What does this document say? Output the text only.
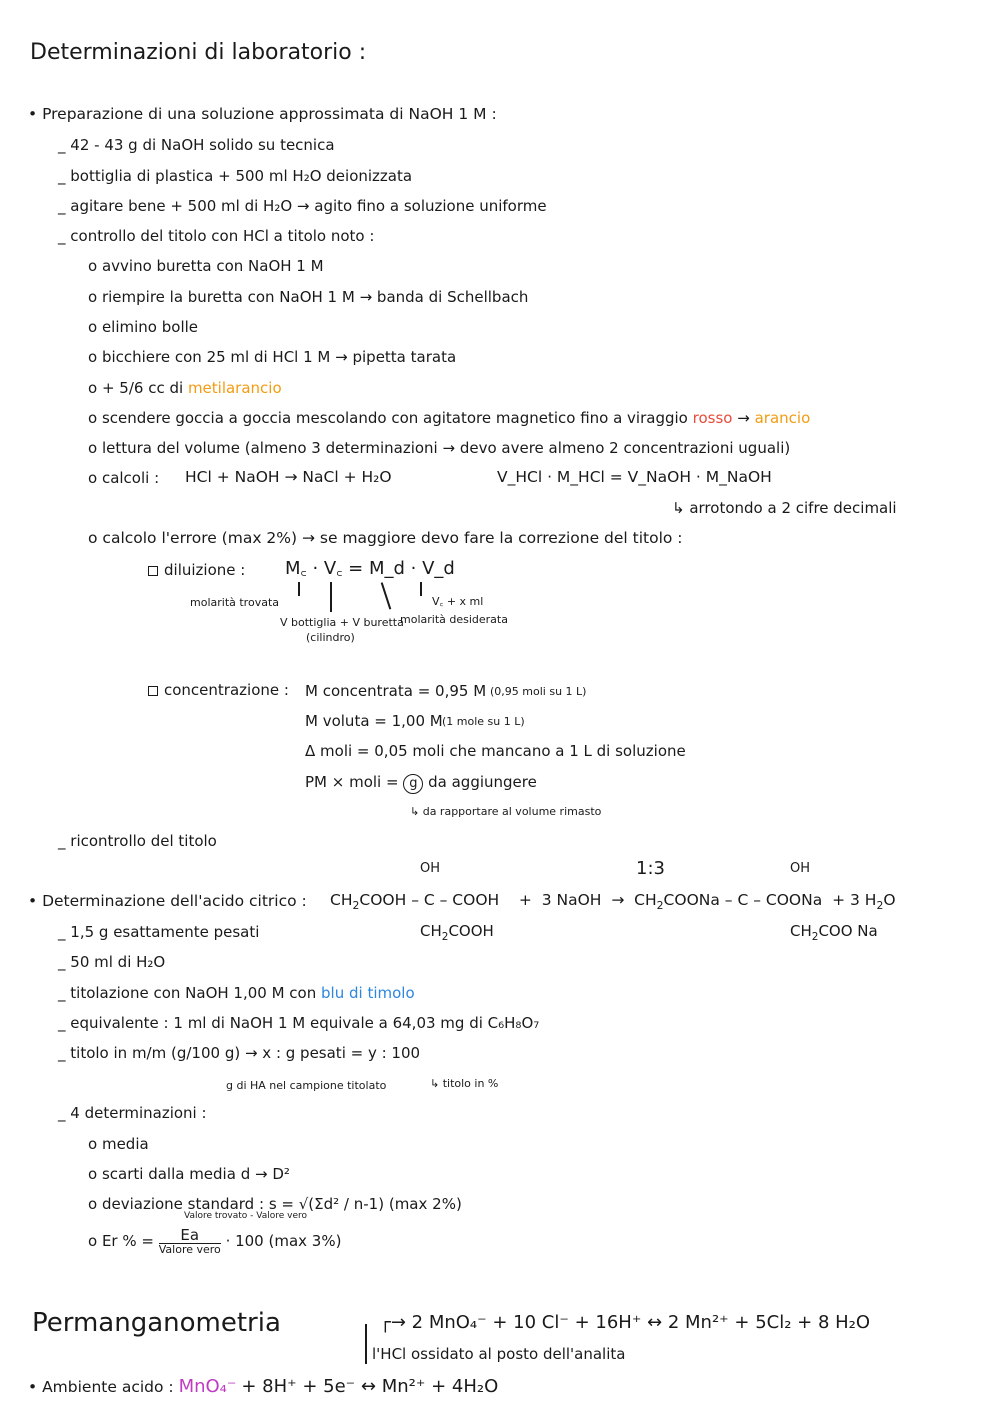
Determinazioni di laboratorio :
• Preparazione di una soluzione approssimata di NaOH 1 M :
_ 42 - 43 g di NaOH solido su tecnica
_ bottiglia di plastica + 500 ml H₂O deionizzata
_ agitare bene + 500 ml di H₂O → agito fino a soluzione uniforme
_ controllo del titolo con HCl a titolo noto :
o avvino buretta con NaOH 1 M
o riempire la buretta con NaOH 1 M → banda di Schellbach
o elimino bolle
o bicchiere con 25 ml di HCl 1 M → pipetta tarata
o + 5/6 cc di metilarancio
o scendere goccia a goccia mescolando con agitatore magnetico fino a viraggio rosso → arancio
o lettura del volume (almeno 3 determinazioni → devo avere almeno 2 concentrazioni uguali)
o calcoli : HCl + NaOH → NaCl + H₂O	V_HCl · M_HCl = V_NaOH · M_NaOH
↳ arrotondo a 2 cifre decimali
o calcolo l'errore (max 2%) → se maggiore devo fare la correzione del titolo :
diluizione : M꜀ · V꜀ = M_d · V_d
molarità trovata
V bottiglia + V buretta
(cilindro)
molarità desiderata
V꜀ + x ml
concentrazione : M concentrata = 0,95 M (0,95 moli su 1 L)
M voluta = 1,00 M (1 mole su 1 L)
Δ moli = 0,05 moli che mancano a 1 L di soluzione
PM × moli = g da aggiungere
↳ da rapportare al volume rimasto
_ ricontrollo del titolo
OH	1:3	OH
• Determinazione dell'acido citrico : $CH_2COOH$ – C – COOH    +  3 NaOH  →  $CH_2COONa$ – C – COONa  + 3 $H_2O$
$CH_2COOH$	$CH_2COO$ Na
_ 1,5 g esattamente pesati
_ 50 ml di H₂O
_ titolazione con NaOH 1,00 M con blu di timolo
_ equivalente : 1 ml di NaOH 1 M equivale a 64,03 mg di C₆H₈O₇
_ titolo in m/m (g/100 g) → x : g pesati = y : 100
g di HA nel campione titolato	↳ titolo in %
_ 4 determinazioni :
o media
o scarti dalla media d → D²
o deviazione standard : s = √(Σd² / n-1) (max 2%)
o Er % = $\frac{Ea}{\text{Valore vero}} \cdot 100$ (max 3%)
Valore trovato - Valore vero
Permanganometria	┌→ 2 MnO₄⁻ + 10 Cl⁻ + 16H⁺ ↔ 2 Mn²⁺ + 5Cl₂ + 8 H₂O
l'HCl ossidato al posto dell'analita
• Ambiente acido : MnO₄⁻ + 8H⁺ + 5e⁻ ↔ Mn²⁺ + 4H₂O
